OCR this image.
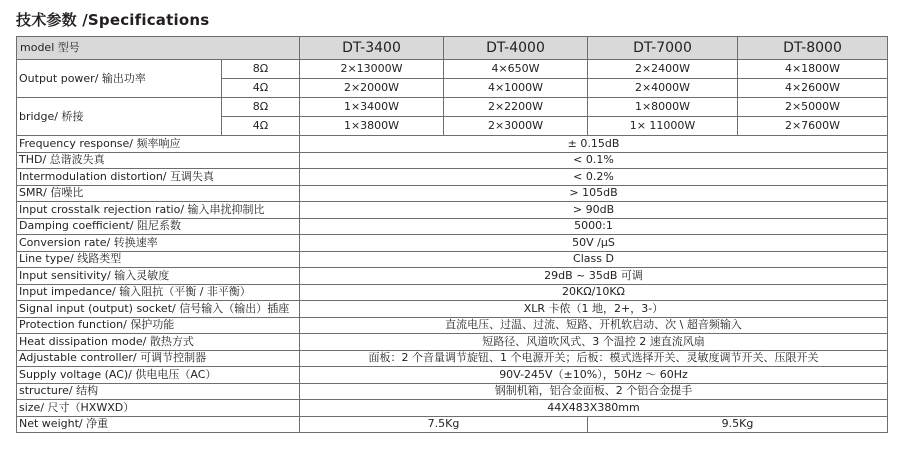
技术参数 /Specifications
model 型号		DT-3400	DT-4000	DT-7000	DT-8000
Output power/ 输出功率	8Ω	2×13000W	4×650W	2×2400W	4×1800W
	4Ω	2×2000W	4×1000W	2×4000W	4×2600W
bridge/ 桥接	8Ω	1×3400W	2×2200W	1×8000W	2×5000W
	4Ω	1×3800W	2×3000W	1× 11000W	2×7600W
Frequency response/ 频率响应		± 0.15dB			
THD/ 总谐波失真		< 0.1%			
Intermodulation distortion/ 互调失真		< 0.2%			
SMR/ 信噪比		> 105dB			
Input crosstalk rejection ratio/ 输入串扰抑制比		> 90dB			
Damping coefficient/ 阻尼系数		5000:1			
Conversion rate/ 转换速率		50V /µS			
Line type/ 线路类型		Class D			
Input sensitivity/ 输入灵敏度		29dB ~ 35dB 可调			
Input impedance/ 输入阻抗（平衡 / 非平衡）		20KΩ/10KΩ			
Signal input (output) socket/ 信号输入（输出）插座		XLR 卡侬（1 地，2+，3-）			
Protection function/ 保护功能		直流电压、过温、过流、短路、开机软启动、次 \ 超音频输入			
Heat dissipation mode/ 散热方式		短路径、风道吹风式、3 个温控 2 速直流风扇			
Adjustable controller/ 可调节控制器		面板：2 个音量调节旋钮、1 个电源开关；后板：模式选择开关、灵敏度调节开关、压限开关			
Supply voltage (AC)/ 供电电压（AC）		90V-245V（±10%），50Hz ～ 60Hz			
structure/ 结构		钢制机箱，铝合金面板、2 个铝合金提手			
size/ 尺寸（HXWXD）		44X483X380mm			
Net weight/ 净重		7.5Kg		9.5Kg	
